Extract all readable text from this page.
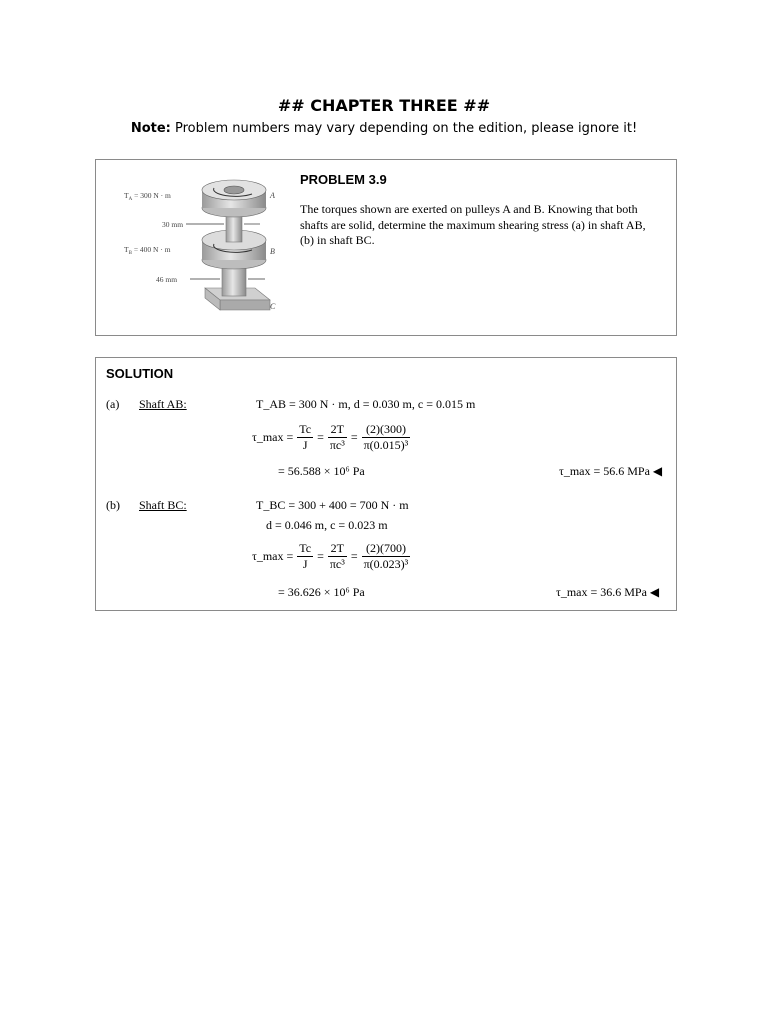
## CHAPTER THREE ##
Note: Problem numbers may vary depending on the edition, please ignore it!
$T_A = 300$ N · m
$T_B = 400$ N · m
30 mm
46 mm
A
B
C
PROBLEM 3.9
The torques shown are exerted on pulleys A and B. Knowing that both
shafts are solid, determine the maximum shearing stress (a) in shaft AB,
(b) in shaft BC.
SOLUTION
(a) Shaft AB:	T_AB = 300 N · m, d = 0.030 m, c = 0.015 m
τ_max = $\frac{Tc}{J} = \frac{2T}{\text{πc³}} = \frac{(2)(300)}{\text{π(0.015)³}}$
= 56.588 × 10⁶ Pa	τ_max = 56.6 MPa ◀
(b) Shaft BC:	T_BC = 300 + 400 = 700 N · m
d = 0.046 m, c = 0.023 m
τ_max = $\frac{Tc}{J} = \frac{2T}{\text{πc³}} = \frac{(2)(700)}{\text{π(0.023)³}}$
= 36.626 × 10⁶ Pa	τ_max = 36.6 MPa ◀
